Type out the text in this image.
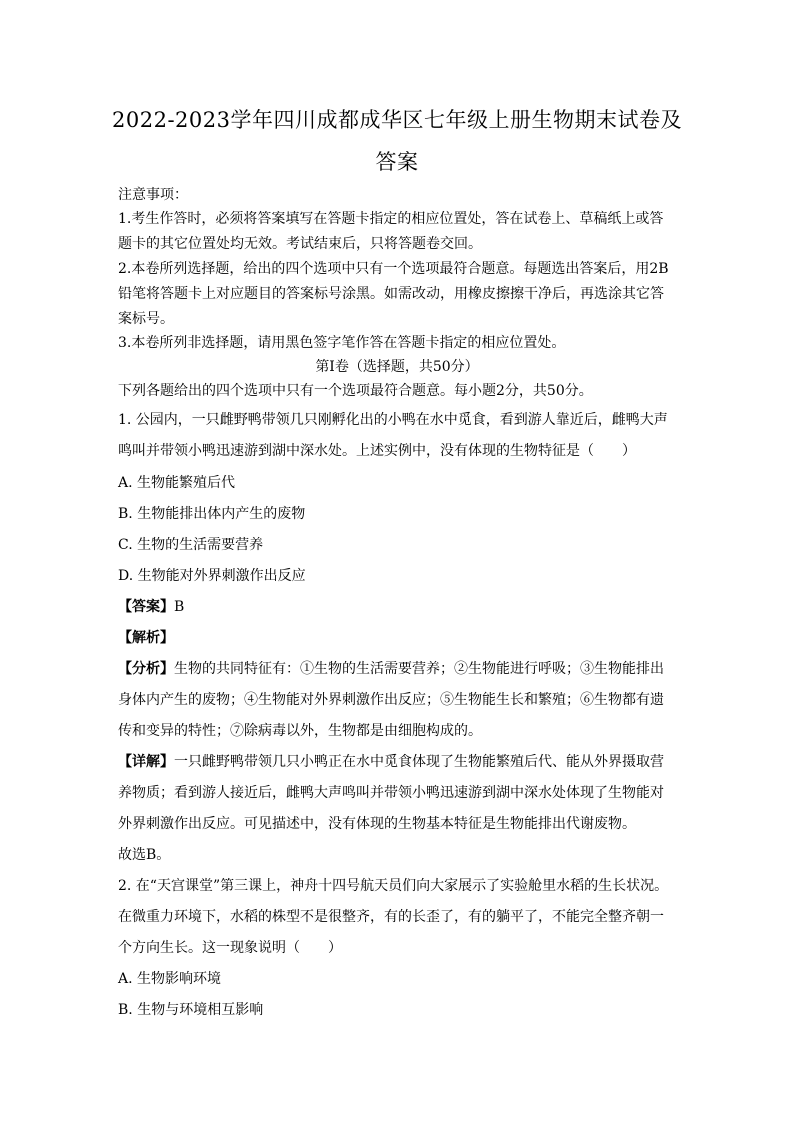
2022-2023学年四川成都成华区七年级上册生物期末试卷及
答案
注意事项：
1.考生作答时，必须将答案填写在答题卡指定的相应位置处，答在试卷上、草稿纸上或答
题卡的其它位置处均无效。考试结束后，只将答题卷交回。
2.本卷所列选择题，给出的四个选项中只有一个选项最符合题意。每题选出答案后，用2B
铅笔将答题卡上对应题目的答案标号涂黑。如需改动，用橡皮擦擦干净后，再选涂其它答
案标号。
3.本卷所列非选择题，请用黑色签字笔作答在答题卡指定的相应位置处。
第Ⅰ卷（选择题，共50分）
下列各题给出的四个选项中只有一个选项最符合题意。每小题2分，共50分。
1. 公园内，一只雌野鸭带领几只刚孵化出的小鸭在水中觅食，看到游人靠近后，雌鸭大声
鸣叫并带领小鸭迅速游到湖中深水处。上述实例中，没有体现的生物特征是（　　）
A. 生物能繁殖后代
B. 生物能排出体内产生的废物
C. 生物的生活需要营养
D. 生物能对外界刺激作出反应
【答案】B
【解析】
【分析】生物的共同特征有：①生物的生活需要营养；②生物能进行呼吸；③生物能排出
身体内产生的废物；④生物能对外界刺激作出反应；⑤生物能生长和繁殖；⑥生物都有遗
传和变异的特性；⑦除病毒以外，生物都是由细胞构成的。
【详解】一只雌野鸭带领几只小鸭正在水中觅食体现了生物能繁殖后代、能从外界摄取营
养物质；看到游人接近后，雌鸭大声鸣叫并带领小鸭迅速游到湖中深水处体现了生物能对
外界刺激作出反应。可见描述中，没有体现的生物基本特征是生物能排出代谢废物。
故选B。
2. 在“天宫课堂”第三课上，神舟十四号航天员们向大家展示了实验舱里水稻的生长状况。
在微重力环境下，水稻的株型不是很整齐，有的长歪了，有的躺平了，不能完全整齐朝一
个方向生长。这一现象说明（　　）
A. 生物影响环境
B. 生物与环境相互影响
